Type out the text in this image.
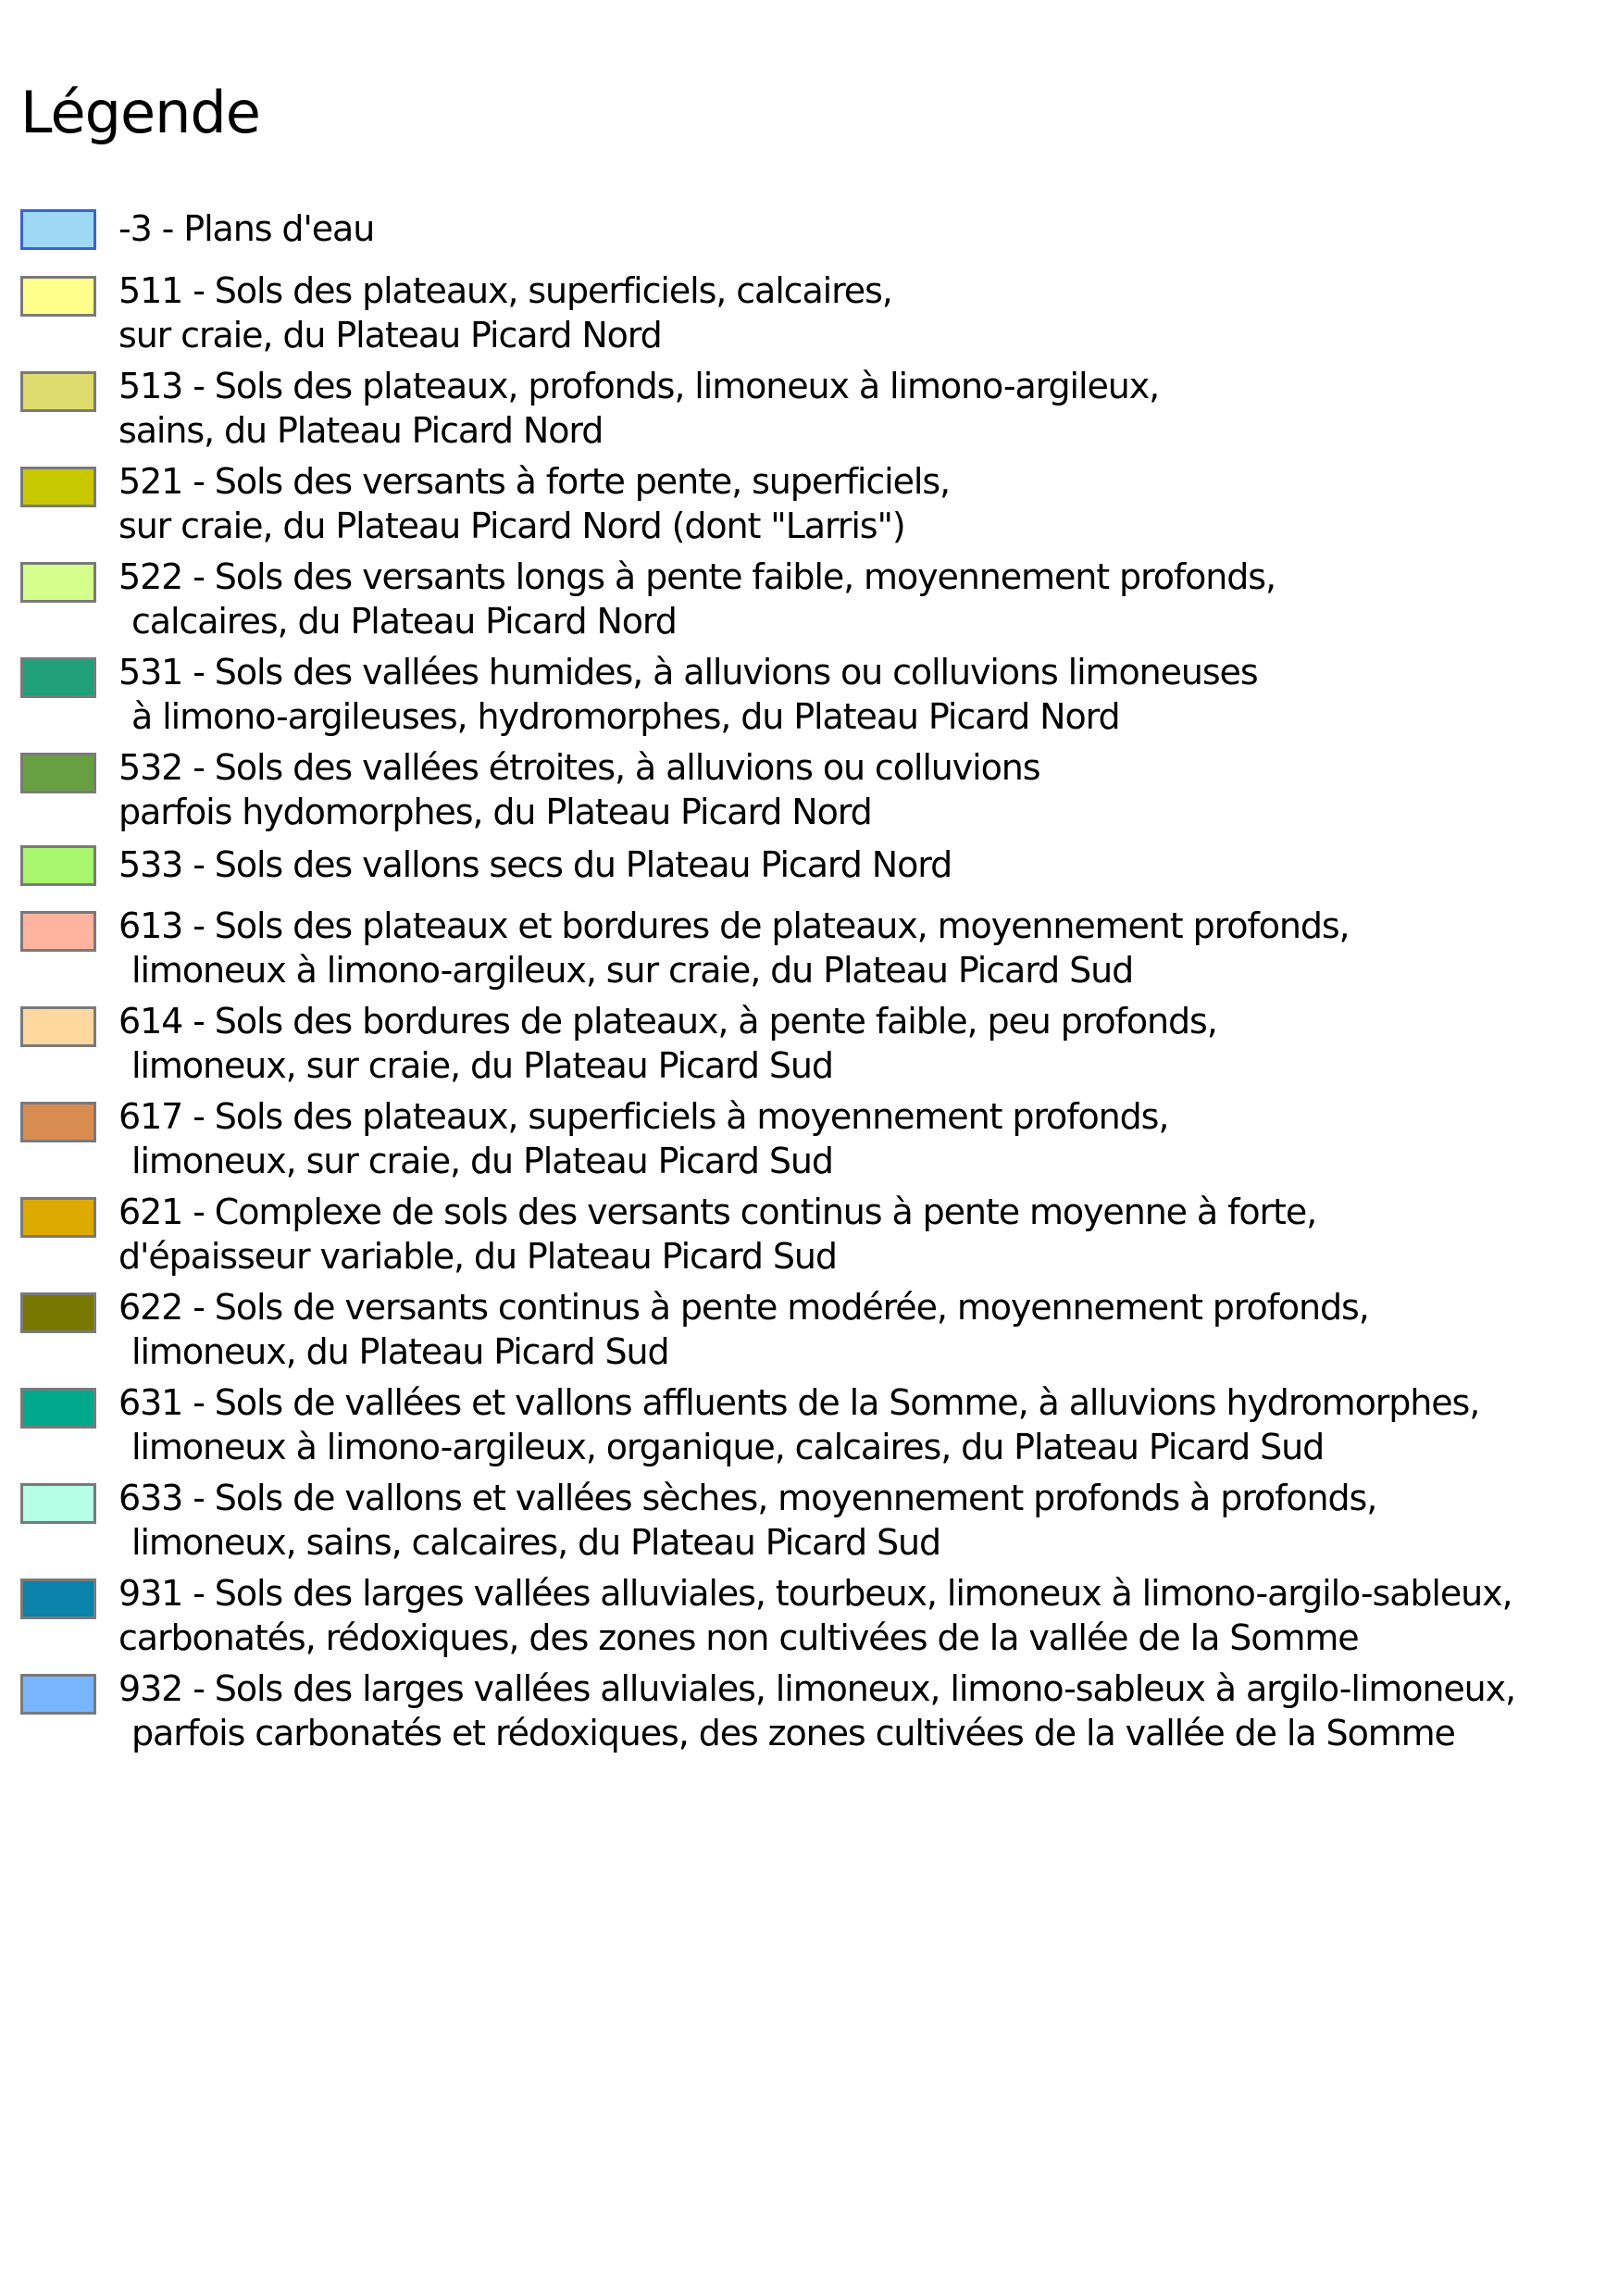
Légende
-3 - Plans d'eau
511 - Sols des plateaux, superficiels, calcaires,
sur craie, du Plateau Picard Nord
513 - Sols des plateaux, profonds, limoneux à limono-argileux,
sains, du Plateau Picard Nord
521 - Sols des versants à forte pente, superficiels,
sur craie, du Plateau Picard Nord (dont "Larris")
522 - Sols des versants longs à pente faible, moyennement profonds,
calcaires, du Plateau Picard Nord
531 - Sols des vallées humides, à alluvions ou colluvions limoneuses
à limono-argileuses, hydromorphes, du Plateau Picard Nord
532 - Sols des vallées étroites, à alluvions ou colluvions
parfois hydomorphes, du Plateau Picard Nord
533 - Sols des vallons secs du Plateau Picard Nord
613 - Sols des plateaux et bordures de plateaux, moyennement profonds,
limoneux à limono-argileux, sur craie, du Plateau Picard Sud
614 - Sols des bordures de plateaux, à pente faible, peu profonds,
limoneux, sur craie, du Plateau Picard Sud
617 - Sols des plateaux, superficiels à moyennement profonds,
limoneux, sur craie, du Plateau Picard Sud
621 - Complexe de sols des versants continus à pente moyenne à forte,
d'épaisseur variable, du Plateau Picard Sud
622 - Sols de versants continus à pente modérée, moyennement profonds,
limoneux, du Plateau Picard Sud
631 - Sols de vallées et vallons affluents de la Somme, à alluvions hydromorphes,
limoneux à limono-argileux, organique, calcaires, du Plateau Picard Sud
633 - Sols de vallons et vallées sèches, moyennement profonds à profonds,
limoneux, sains, calcaires, du Plateau Picard Sud
931 - Sols des larges vallées alluviales, tourbeux, limoneux à limono-argilo-sableux,
carbonatés, rédoxiques, des zones non cultivées de la vallée de la Somme
932 - Sols des larges vallées alluviales, limoneux, limono-sableux à argilo-limoneux,
parfois carbonatés et rédoxiques, des zones cultivées de la vallée de la Somme
